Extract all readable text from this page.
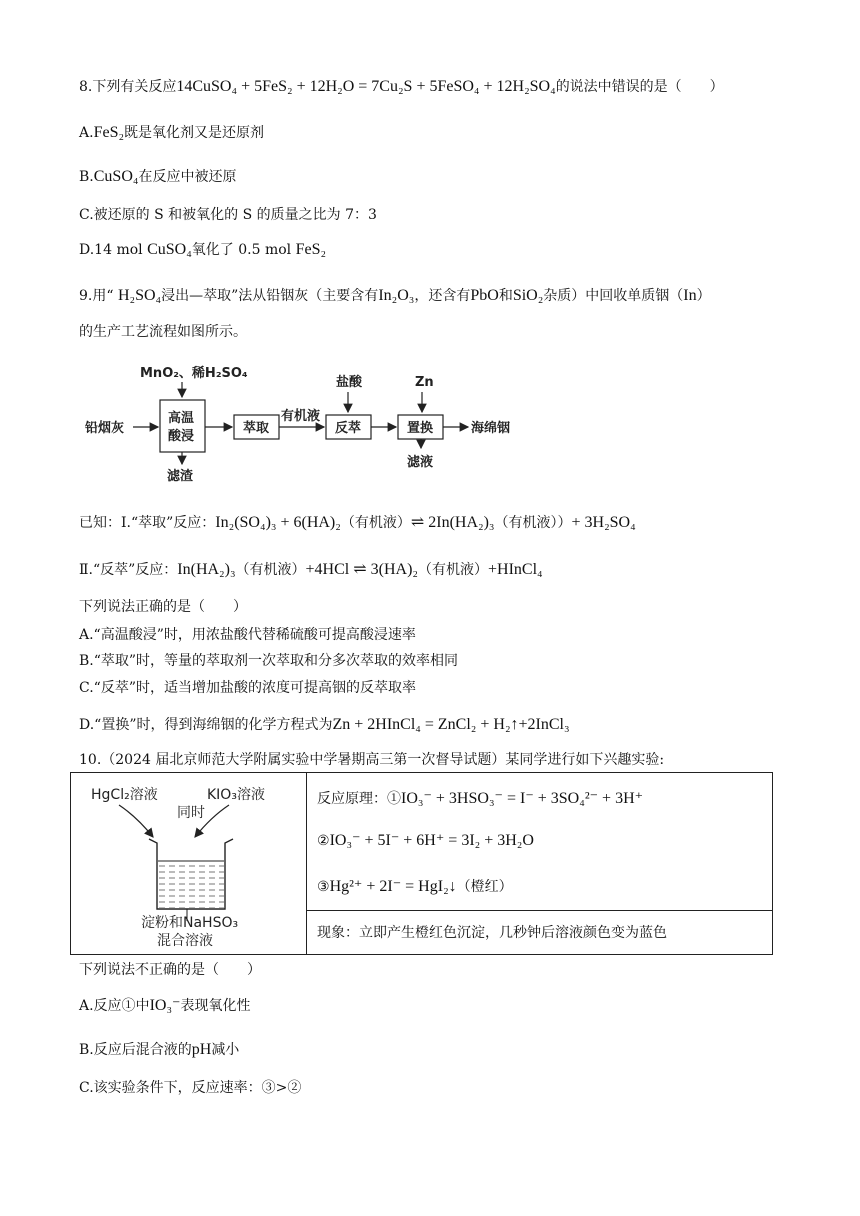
8.下列有关反应14CuSO₄ + 5FeS₂ + 12H₂O = 7Cu₂S + 5FeSO₄ + 12H₂SO₄的说法中错误的是（　　）
A.FeS₂既是氧化剂又是还原剂
B.CuSO₄在反应中被还原
C.被还原的 S 和被氧化的 S 的质量之比为 7：3
D.14 mol CuSO₄氧化了 0.5 mol FeS₂
9.用“ H₂SO₄浸出—萃取”法从铅铟灰（主要含有In₂O₃，还含有PbO和SiO₂杂质）中回收单质铟（In）
的生产工艺流程如图所示。
MnO₂、稀H₂SO₄
铅烟灰
高温
酸浸
滤渣
萃取
有机液
盐酸
反萃
Zn
置换
滤液
海绵铟
已知：Ⅰ.“萃取”反应：In₂(SO₄)₃ + 6(HA)₂（有机液）⇌ 2In(HA₂)₃（有机液））+ 3H₂SO₄
Ⅱ.“反萃”反应：In(HA₂)₃（有机液）+4HCl ⇌ 3(HA)₂（有机液）+HInCl₄
下列说法正确的是（　　）
A.“高温酸浸”时，用浓盐酸代替稀硫酸可提高酸浸速率
B.“萃取”时，等量的萃取剂一次萃取和分多次萃取的效率相同
C.“反萃”时，适当增加盐酸的浓度可提高铟的反萃取率
D.“置换”时，得到海绵铟的化学方程式为Zn + 2HInCl₄ = ZnCl₂ + H₂↑+2InCl₃
10.（2024 届北京师范大学附属实验中学暑期高三第一次督导试题）某同学进行如下兴趣实验:
HgCl₂溶液	KIO₃溶液
同时
淀粉和NaHSO₃
混合溶液
反应原理：①IO₃⁻ + 3HSO₃⁻ = I⁻ + 3SO₄²⁻ + 3H⁺
②IO₃⁻ + 5I⁻ + 6H⁺ = 3I₂ + 3H₂O
③Hg²⁺ + 2I⁻ = HgI₂↓（橙红）
现象：立即产生橙红色沉淀，几秒钟后溶液颜色变为蓝色
下列说法不正确的是（　　）
A.反应①中IO₃⁻表现氧化性
B.反应后混合液的pH减小
C.该实验条件下，反应速率：③>②
